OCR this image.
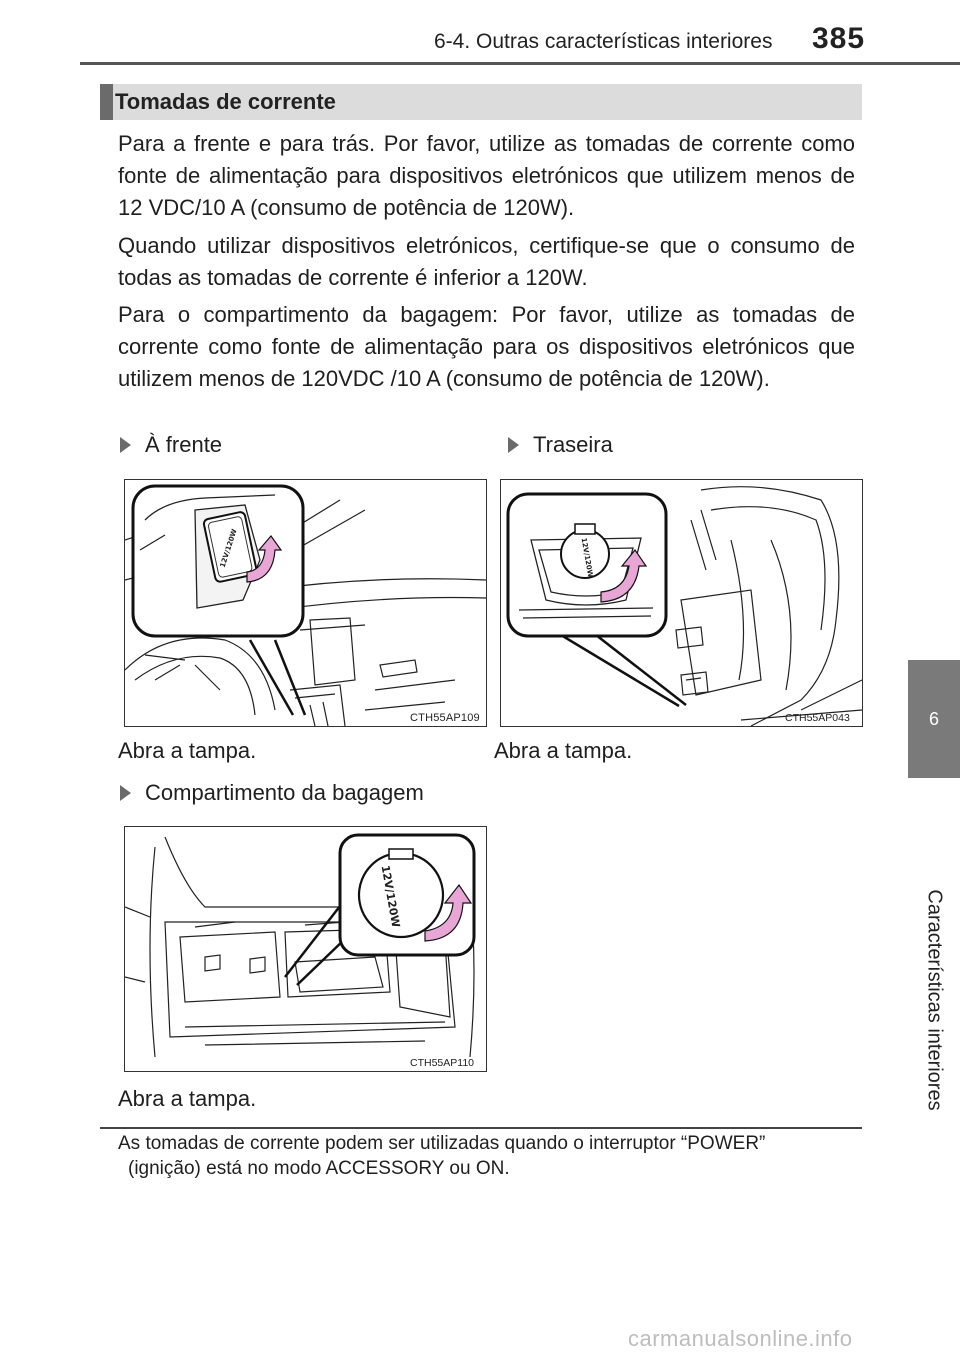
6-4. Outras características interiores 385
6
Características interiores
Tomadas de corrente
Para a frente e para trás. Por favor, utilize as tomadas de corrente como fonte de alimentação para dispositivos eletrónicos que utilizem menos de 12 VDC/10 A (consumo de potência de 120W).
Quando utilizar dispositivos eletrónicos, certifique-se que o consumo de todas as tomadas de corrente é inferior a 120W.
Para o compartimento da bagagem: Por favor, utilize as tomadas de corrente como fonte de alimentação para os dispositivos eletrónicos que utilizem menos de 120VDC /10 A (consumo de potência de 120W).
À frente	Traseira
Compartimento da bagagem
12V/120W
CTH55AP109
12V/120W
CTH55AP043
12V/120W
CTH55AP110
Abra a tampa.	Abra a tampa.
Abra a tampa.
As tomadas de corrente podem ser utilizadas quando o interruptor “POWER”
(ignição) está no modo ACCESSORY ou ON.
carmanualsonline.info
